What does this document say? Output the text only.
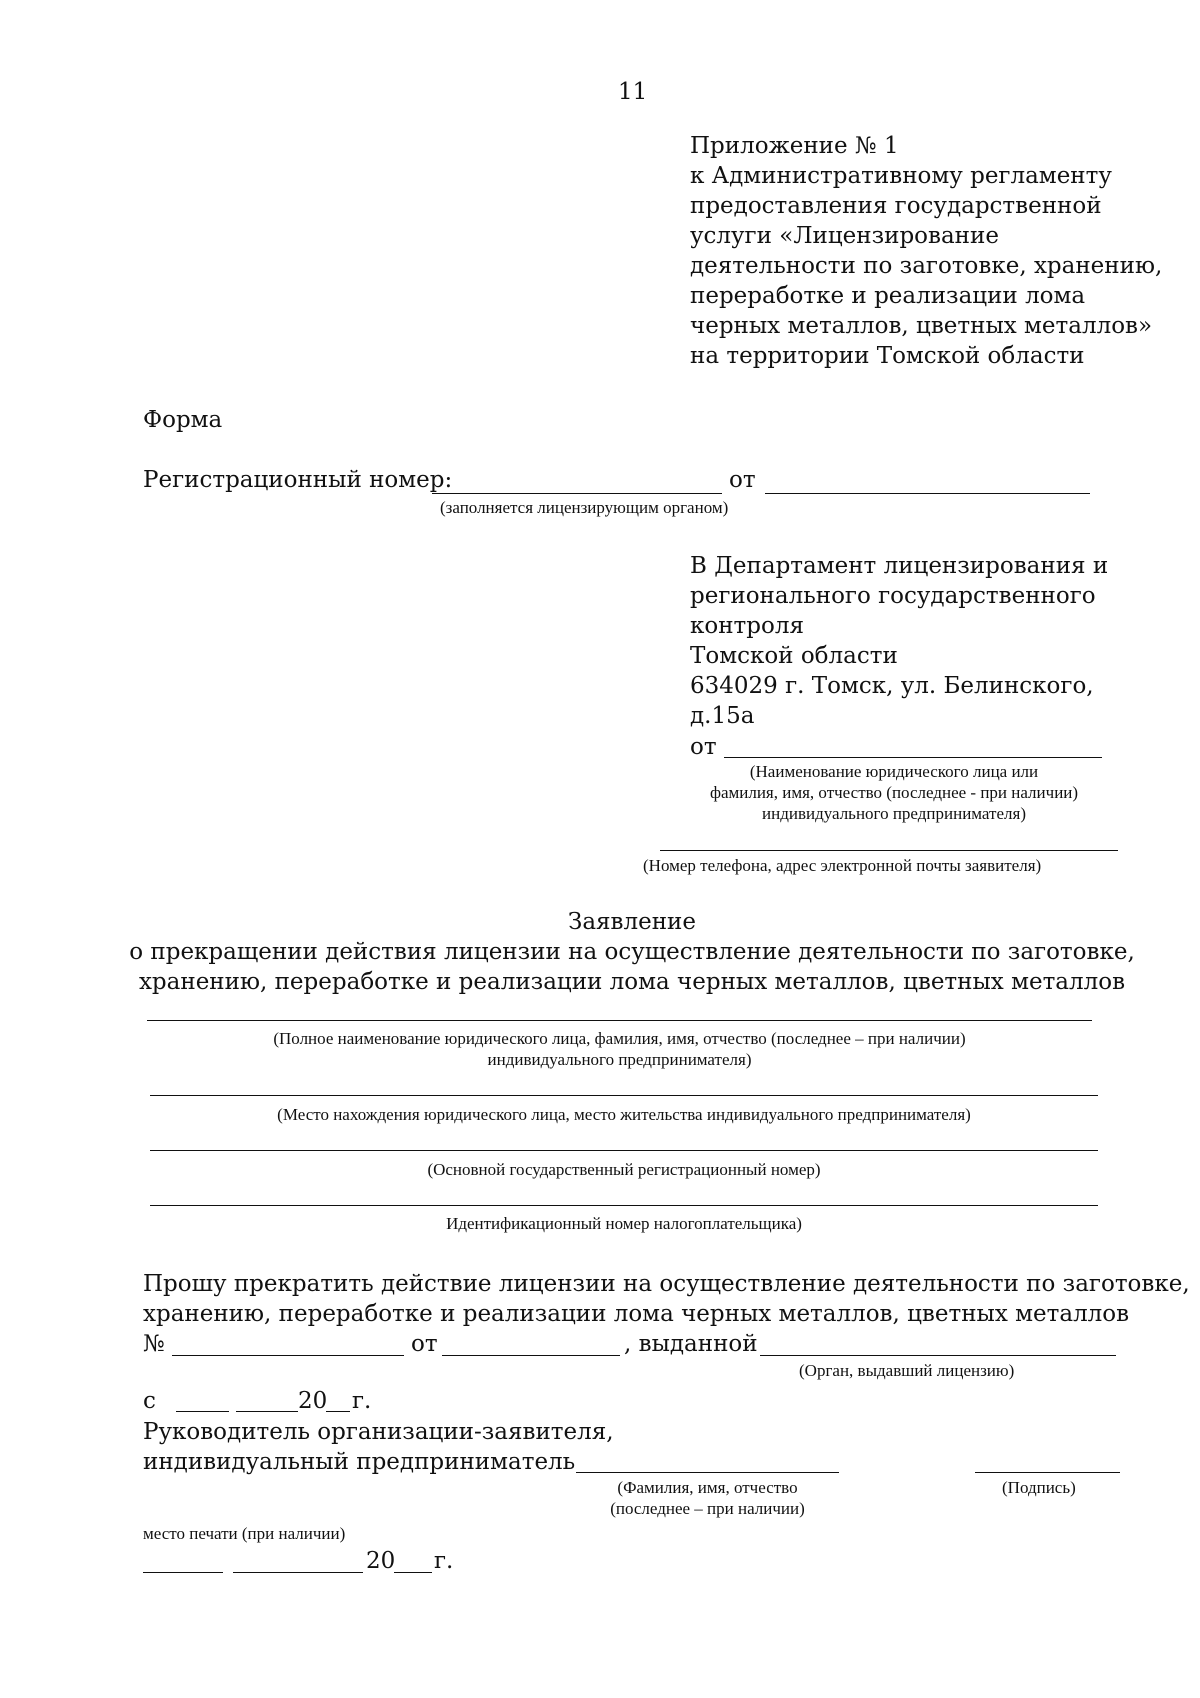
11
Приложение № 1
к Административному регламенту
предоставления государственной
услуги «Лицензирование
деятельности по заготовке, хранению,
переработке и реализации лома
черных металлов, цветных металлов»
на территории Томской области
Форма
Регистрационный номер:	от
(заполняется лицензирующим органом)
В Департамент лицензирования и
регионального государственного
контроля
Томской области
634029 г. Томск, ул. Белинского,
д.15а
от
(Наименование юридического лица или
фамилия, имя, отчество (последнее - при наличии)
индивидуального предпринимателя)
(Номер телефона, адрес электронной почты заявителя)
Заявление
о прекращении действия лицензии на осуществление деятельности по заготовке,
хранению, переработке и реализации лома черных металлов, цветных металлов
(Полное наименование юридического лица, фамилия, имя, отчество (последнее – при наличии)
индивидуального предпринимателя)
(Место нахождения юридического лица, место жительства индивидуального предпринимателя)
(Основной государственный регистрационный номер)
Идентификационный номер налогоплательщика)
Прошу прекратить действие лицензии на осуществление деятельности по заготовке,
хранению, переработке и реализации лома черных металлов, цветных металлов
№	от	, выданной
(Орган, выдавший лицензию)
с	20 г.
Руководитель организации-заявителя,
индивидуальный предприниматель
(Фамилия, имя, отчество
(последнее – при наличии)
(Подпись)
место печати (при наличии)
20 г.
